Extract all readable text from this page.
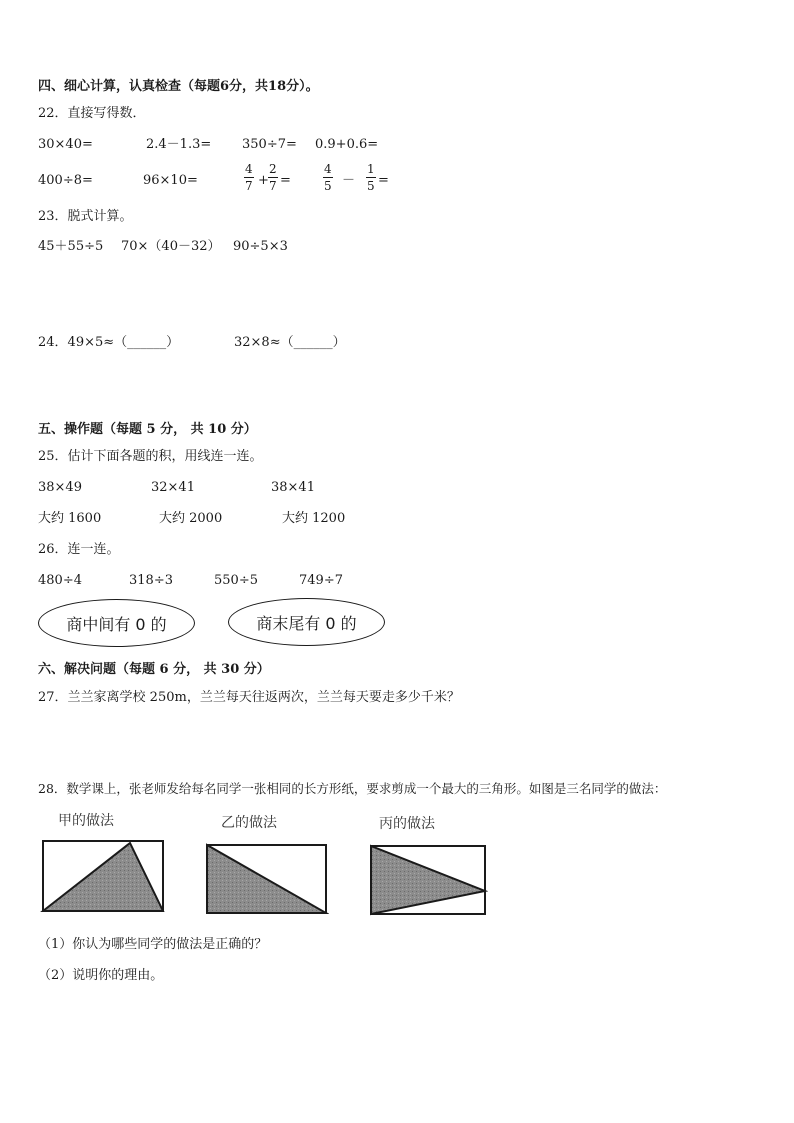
四、细心计算，认真检查（每题6分，共18分）。
22．直接写得数．
30×40=	2.4－1.3= 350÷7= 0.9+0.6=
400÷8=	96×10=	$\frac{4}{7} + \frac{2}{7}$ =	$\frac{4}{5} - \frac{1}{5}$ =
23．脱式计算。
45＋55÷5 70×（40－32） 90÷5×3
24．49×5≈（______）	32×8≈（______）
五、操作题（每题 5 分， 共 10 分）
25．估计下面各题的积，用线连一连。
38×49	32×41	38×41
大约 1600	大约 2000	大约 1200
26．连一连。
480÷4	318÷3	550÷5	749÷7
商中间有 0 的	商末尾有 0 的
六、解决问题（每题 6 分， 共 30 分）
27．兰兰家离学校 250m，兰兰每天往返两次，兰兰每天要走多少千米？
28．数学课上，张老师发给每名同学一张相同的长方形纸，要求剪成一个最大的三角形。如图是三名同学的做法：
甲的做法	乙的做法	丙的做法
（1）你认为哪些同学的做法是正确的？
（2）说明你的理由。
